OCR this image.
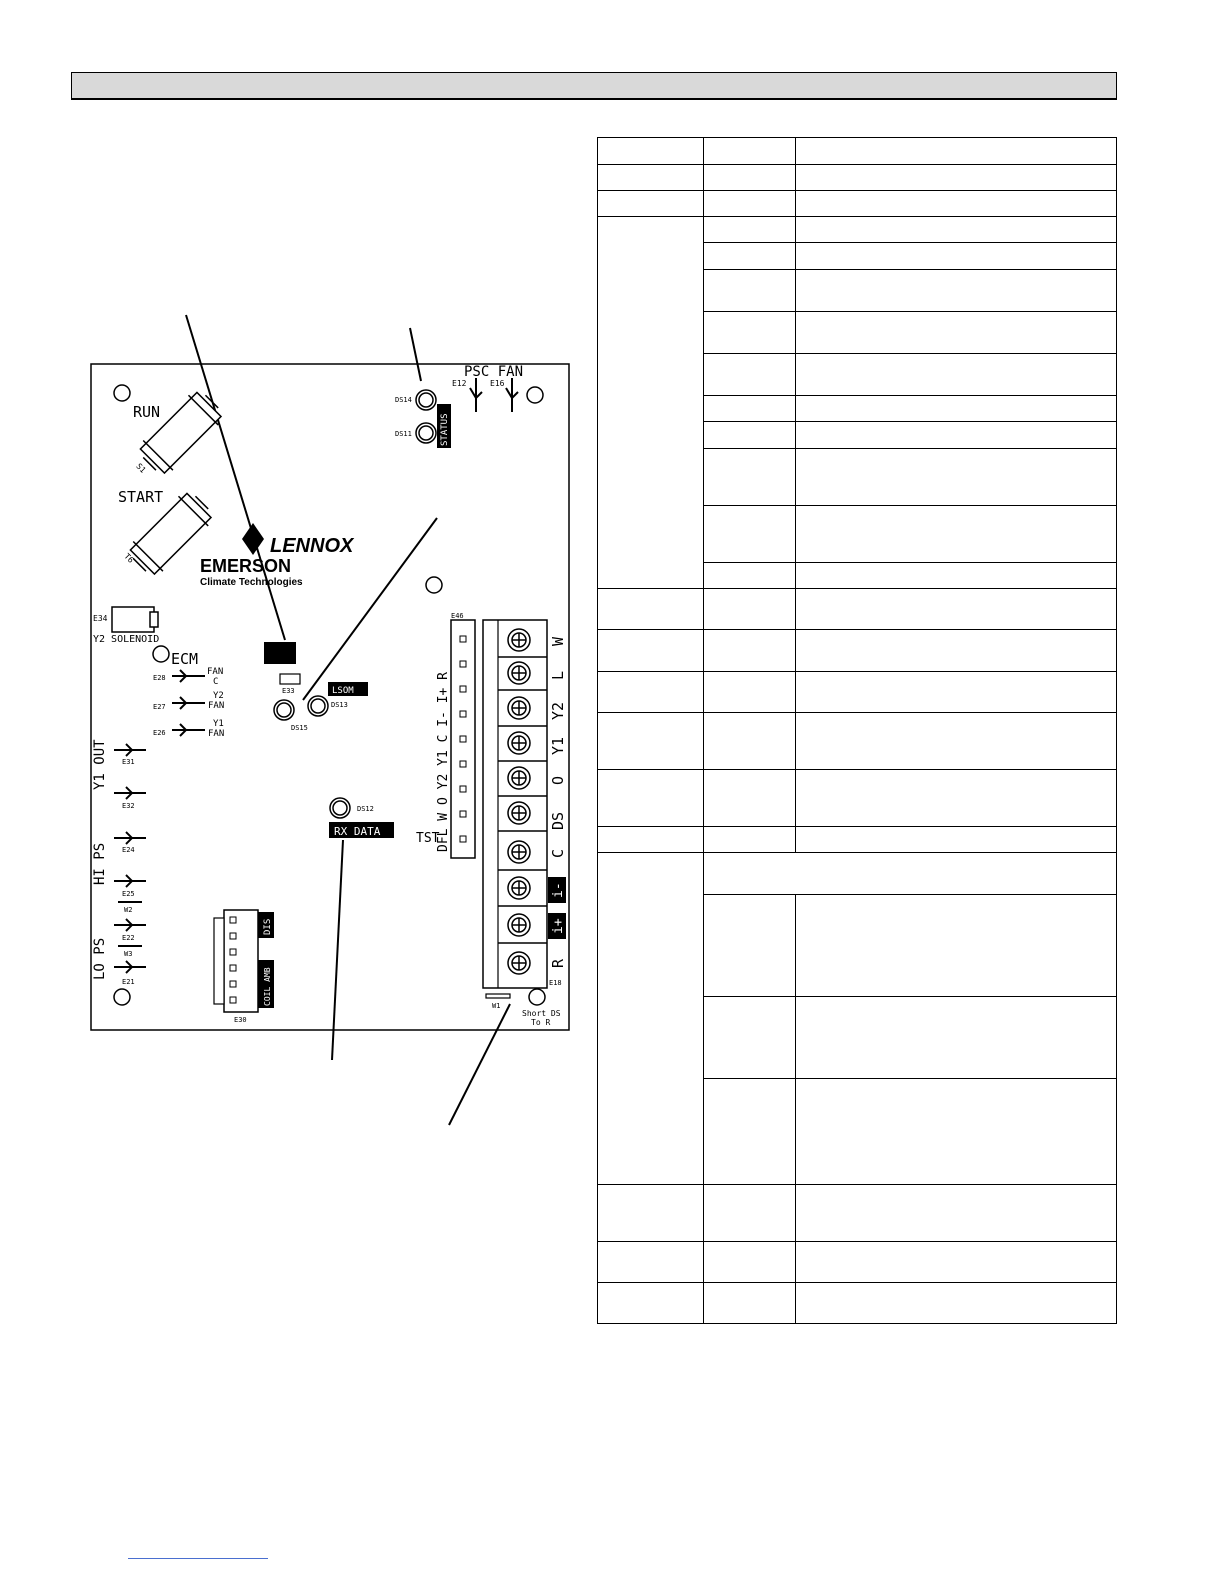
RUN
S1
START
T6
LENNOX
EMERSON
Climate Technologies
PSC FAN
E12	E16
DS14
DS11	STATUS
E34
Y2 SOLENOID
ECM
E28
E27
E26
FAN
C
Y2
FAN
Y1
FAN
E33
DS15
LSOM
DS13
Y1 OUT
HI PS
LO PS
E31
E32
E24
E25
W2
E22
W3
E21
DIS
COIL AMB
E30
DS12
RX DATA
E46
DFL W O Y2 Y1 C I- I+ R
TST
W
L
Y2
Y1
O
DS
C
i-
i+
R
E18
W1
Short DS
To R
